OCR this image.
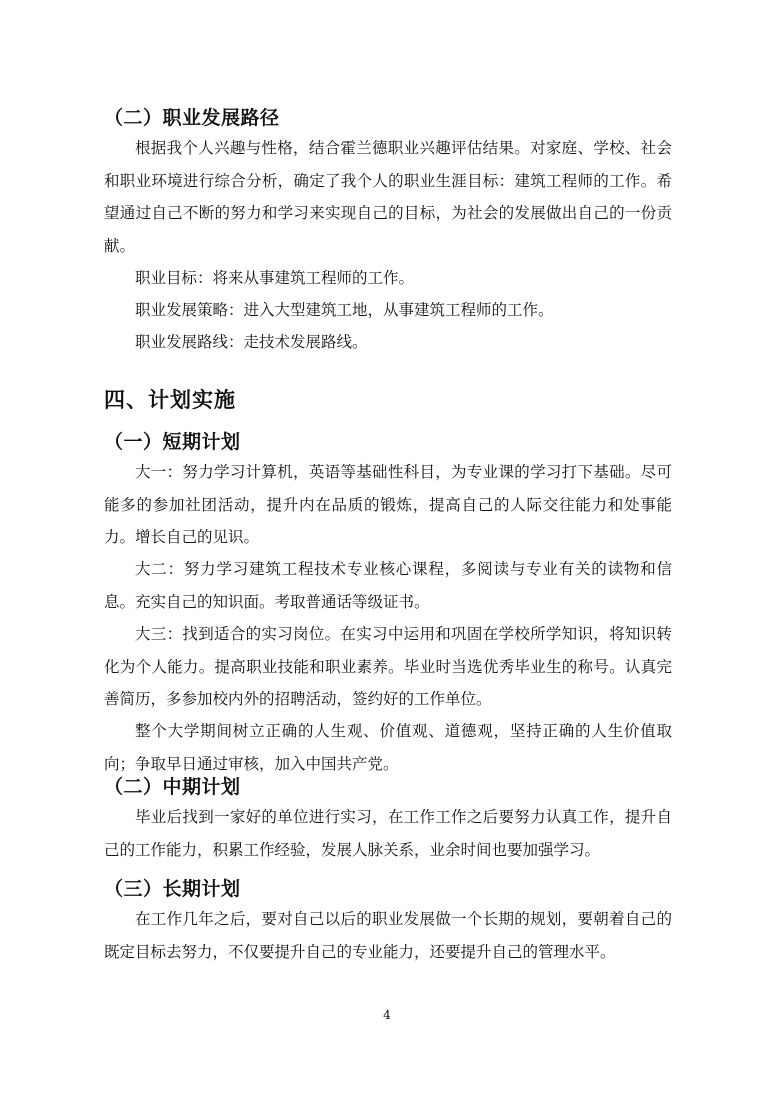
（二）职业发展路径

根据我个人兴趣与性格，结合霍兰德职业兴趣评估结果。对家庭、学校、社会和职业环境进行综合分析，确定了我个人的职业生涯目标：建筑工程师的工作。希望通过自己不断的努力和学习来实现自己的目标，为社会的发展做出自己的一份贡献。

职业目标：将来从事建筑工程师的工作。

职业发展策略：进入大型建筑工地，从事建筑工程师的工作。

职业发展路线：走技术发展路线。

四、计划实施
（一）短期计划

大一：努力学习计算机，英语等基础性科目，为专业课的学习打下基础。尽可能多的参加社团活动，提升内在品质的锻炼，提高自己的人际交往能力和处事能力。增长自己的见识。

大二：努力学习建筑工程技术专业核心课程，多阅读与专业有关的读物和信息。充实自己的知识面。考取普通话等级证书。

大三：找到适合的实习岗位。在实习中运用和巩固在学校所学知识，将知识转化为个人能力。提高职业技能和职业素养。毕业时当选优秀毕业生的称号。认真完善简历，多参加校内外的招聘活动，签约好的工作单位。

整个大学期间树立正确的人生观、价值观、道德观，坚持正确的人生价值取向；争取早日通过审核，加入中国共产党。

（二）中期计划

毕业后找到一家好的单位进行实习，在工作工作之后要努力认真工作，提升自己的工作能力，积累工作经验，发展人脉关系，业余时间也要加强学习。

（三）长期计划

在工作几年之后，要对自己以后的职业发展做一个长期的规划，要朝着自己的既定目标去努力，不仅要提升自己的专业能力，还要提升自己的管理水平。

4
